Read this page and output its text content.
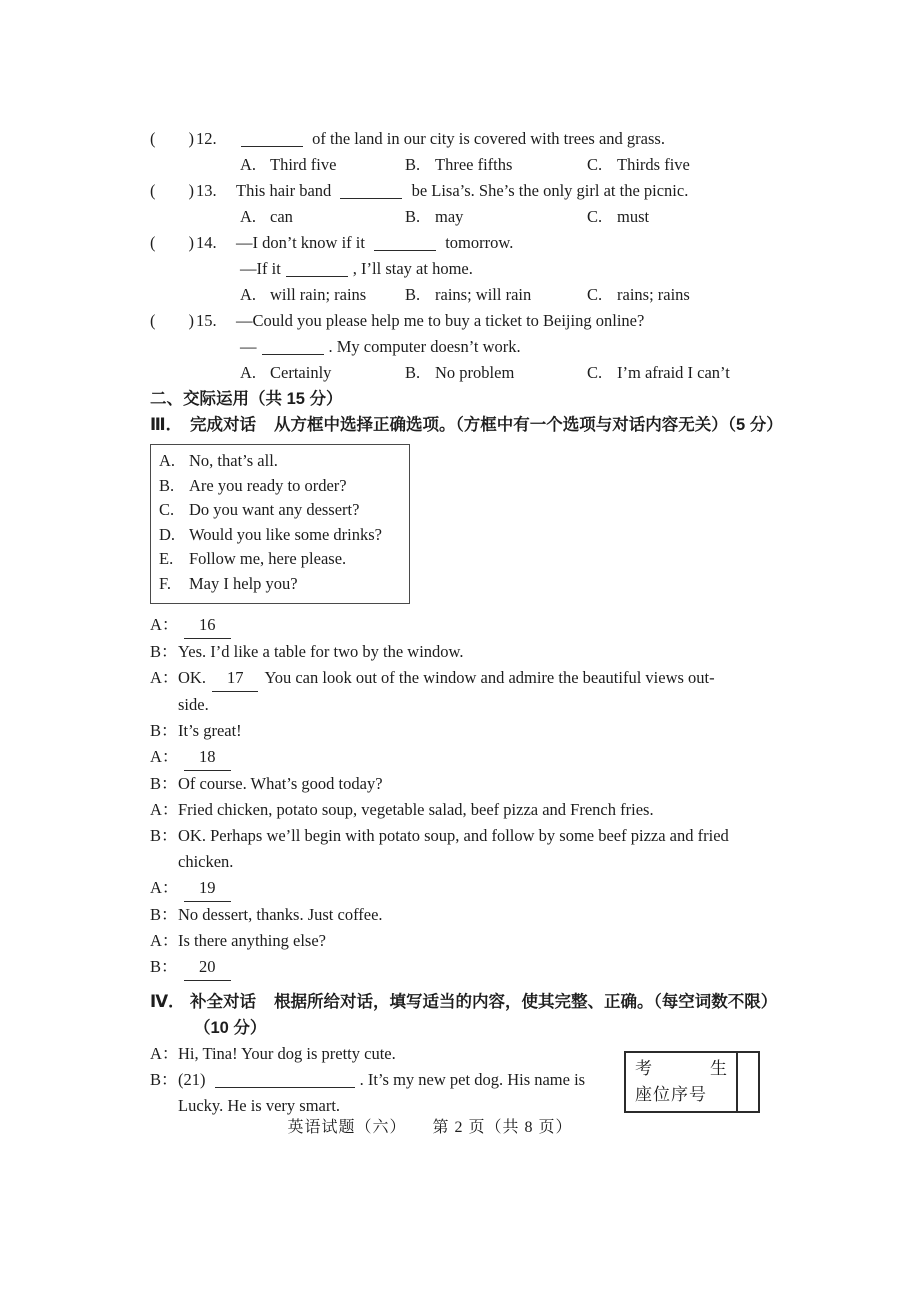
(  ) 12.	of the land in our city is covered with trees and grass.
A. Third five	B. Three fifths	C. Thirds five
(  ) 13. This hair band	be Lisa’s. She’s the only girl at the picnic.
A. can	B. may	C. must
(  ) 14. —I don’t know if it	tomorrow.
—If it	, I’ll stay at home.
A. will rain; rains	B. rains; will rain	C. rains; rains
(  ) 15. —Could you please help me to buy a ticket to Beijing online?
—	. My computer doesn’t work.
A. Certainly	B. No problem	C. I’m afraid I can’t
二、交际运用（共 15 分）
Ⅲ． 完成对话 从方框中选择正确选项。（方框中有一个选项与对话内容无关）（5 分）
A. No, that’s all.
B. Are you ready to order?
C. Do you want any dessert?
D. Would you like some drinks?
E. Follow me, here please.
F. May I help you?
A： 16
B：Yes. I’d like a table for two by the window.
A：OK. 17 You can look out of the window and admire the beautiful views out-
side.
B：It’s great!
A： 18
B：Of course. What’s good today?
A：Fried chicken, potato soup, vegetable salad, beef pizza and French fries.
B：OK. Perhaps we’ll begin with potato soup, and follow by some beef pizza and fried
chicken.
A： 19
B：No dessert, thanks. Just coffee.
A：Is there anything else?
B： 20
Ⅳ． 补全对话 根据所给对话，填写适当的内容，使其完整、正确。（每空词数不限）
（10 分）
A：Hi, Tina! Your dog is pretty cute.
B：(21)	. It’s my new pet dog. His name is
Lucky. He is very smart.
考	生
座位序号
英语试题（六） 第 2 页（共 8 页）
